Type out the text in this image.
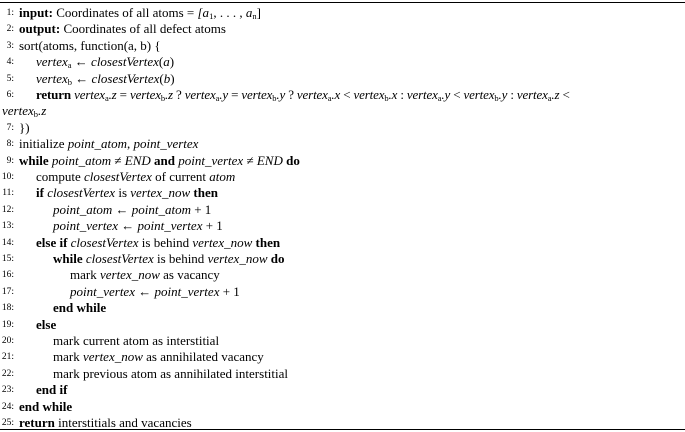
1: input: Coordinates of all atoms = [$a_1$, . . . , $a_n$]
2: output: Coordinates of all defect atoms
3: sort(atoms, function(a, b) {
4: vertex$_a$ ← closestVertex(a)
5: vertex$_b$ ← closestVertex(b)
6: return vertex$_a$.z = vertex$_b$.z ? vertex$_a$.y = vertex$_b$.y ? vertex$_a$.x < vertex$_b$.x : vertex$_a$.y < vertex$_b$.y : vertex$_a$.z <
vertex$_b$.z
7: })
8: initialize point_atom, point_vertex
9: while point_atom ≠ END and point_vertex ≠ END do
10: compute closestVertex of current atom
11: if closestVertex is vertex_now then
12:	point_atom ← point_atom + 1
13:	point_vertex ← point_vertex + 1
14: else if closestVertex is behind vertex_now then
15:	while closestVertex is behind vertex_now do
16:	mark vertex_now as vacancy
17:	point_vertex ← point_vertex + 1
18:	end while
19: else
20:	mark current atom as interstitial
21:	mark vertex_now as annihilated vacancy
22:	mark previous atom as annihilated interstitial
23: end if
24: end while
25: return interstitials and vacancies
